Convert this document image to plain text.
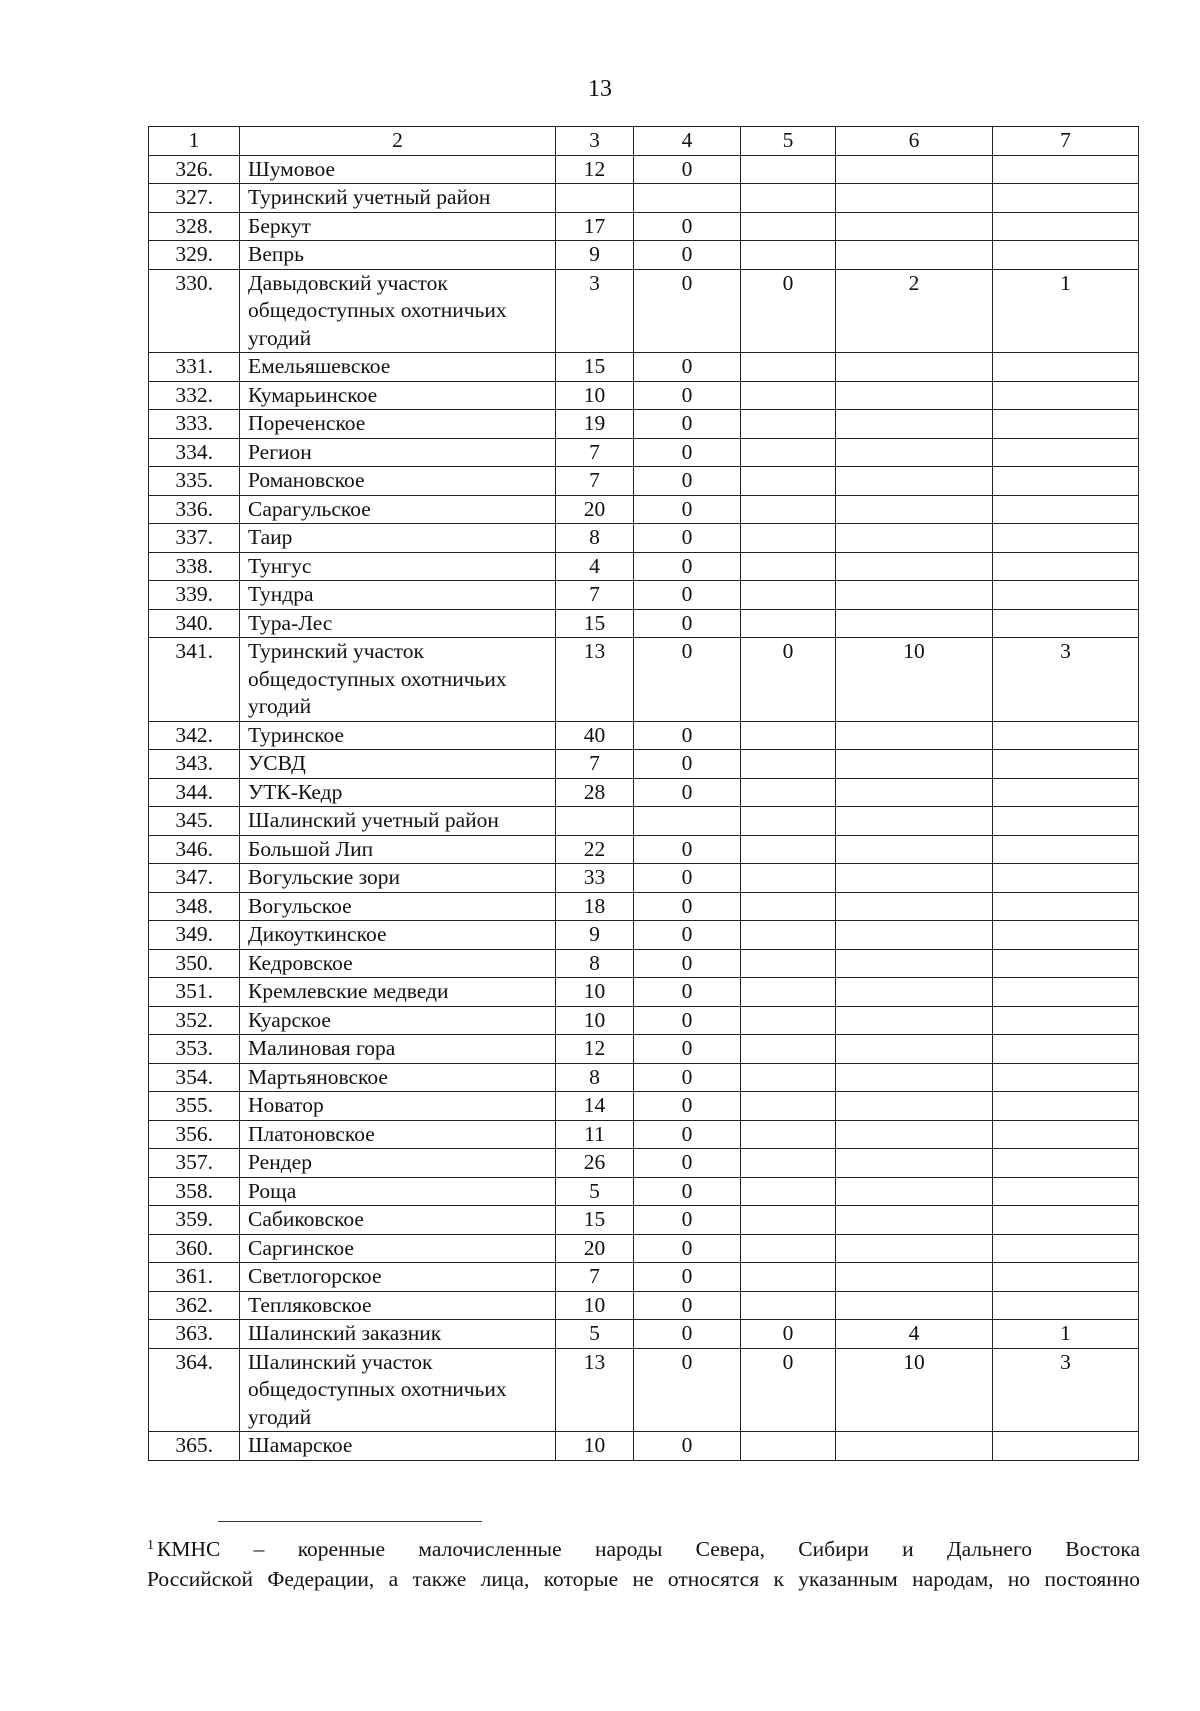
13
1	2	3	4	5	6	7
326.	Шумовое	12	0			
327.	Туринский учетный район					

328.	Беркут	17	0			
329.	Вепрь	9	0			
330.	Давыдовский участок
общедоступных охотничьих
угодий	3	0	0	2	1
331.	Емельяшевское	15	0			
332.	Кумарьинское	10	0			
333.	Пореченское	19	0			
334.	Регион	7	0			
335.	Романовское	7	0			
336.	Сарагульское	20	0			
337.	Таир	8	0			
338.	Тунгус	4	0			
339.	Тундра	7	0			
340.	Тура-Лес	15	0			
341.	Туринский участок
общедоступных охотничьих
угодий	13	0	0	10	3
342.	Туринское	40	0			
343.	УСВД	7	0			
344.	УТК-Кедр	28	0			
345.	Шалинский учетный район					

346.	Большой Лип	22	0			
347.	Вогульские зори	33	0			
348.	Вогульское	18	0			
349.	Дикоуткинское	9	0			
350.	Кедровское	8	0			
351.	Кремлевские медведи	10	0			
352.	Куарское	10	0			
353.	Малиновая гора	12	0			
354.	Мартьяновское	8	0			
355.	Новатор	14	0			
356.	Платоновское	11	0			
357.	Рендер	26	0			
358.	Роща	5	0			
359.	Сабиковское	15	0			
360.	Саргинское	20	0			
361.	Светлогорское	7	0			
362.	Тепляковское	10	0			
363.	Шалинский заказник	5	0	0	4	1
364.	Шалинский участок
общедоступных охотничьих
угодий	13	0	0	10	3
365.	Шамарское	10	0			
$^1$ КМНС – коренные малочисленные народы Севера, Сибири и Дальнего Востока
Российской Федерации, а также лица, которые не относятся к указанным народам, но постоянно
